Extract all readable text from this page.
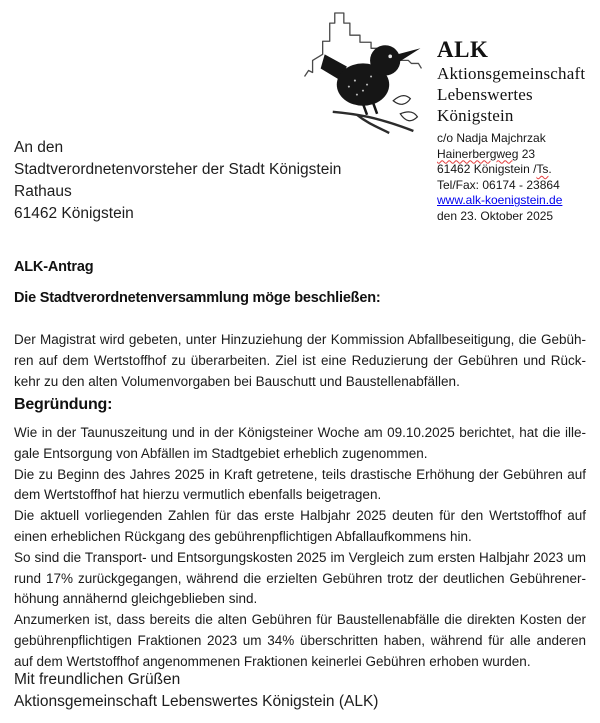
ALK
Aktionsgemeinschaft
Lebenswertes
Königstein
c/o Nadja Majchrzak
Hainerbergweg 23
61462 Königstein /Ts.
Tel/Fax: 06174 - 23864
www.alk-koenigstein.de
den 23. Oktober 2025
An den
Stadtverordnetenvorsteher der Stadt Königstein
Rathaus
61462 Königstein
ALK-Antrag
Die Stadtverordnetenversammlung möge beschließen:
Begründung:
Der Magistrat wird gebeten, unter Hinzuziehung der Kommission Abfallbeseitigung, die Gebüh-
ren auf dem Wertstoffhof zu überarbeiten. Ziel ist eine Reduzierung der Gebühren und Rück-
kehr zu den alten Volumenvorgaben bei Bauschutt und Baustellenabfällen.
Wie in der Taunuszeitung und in der Königsteiner Woche am 09.10.2025 berichtet, hat die ille-
gale Entsorgung von Abfällen im Stadtgebiet erheblich zugenommen.
Die zu Beginn des Jahres 2025 in Kraft getretene, teils drastische Erhöhung der Gebühren auf
dem Wertstoffhof hat hierzu vermutlich ebenfalls beigetragen.
Die aktuell vorliegenden Zahlen für das erste Halbjahr 2025 deuten für den Wertstoffhof auf
einen erheblichen Rückgang des gebührenpflichtigen Abfallaufkommens hin.
So sind die Transport- und Entsorgungskosten 2025 im Vergleich zum ersten Halbjahr 2023 um
rund 17% zurückgegangen, während die erzielten Gebühren trotz der deutlichen Gebührener-
höhung annähernd gleichgeblieben sind.
Anzumerken ist, dass bereits die alten Gebühren für Baustellenabfälle die direkten Kosten der
gebührenpflichtigen Fraktionen 2023 um 34% überschritten haben, während für alle anderen
auf dem Wertstoffhof angenommenen Fraktionen keinerlei Gebühren erhoben wurden.
Mit freundlichen Grüßen
Aktionsgemeinschaft Lebenswertes Königstein (ALK)
